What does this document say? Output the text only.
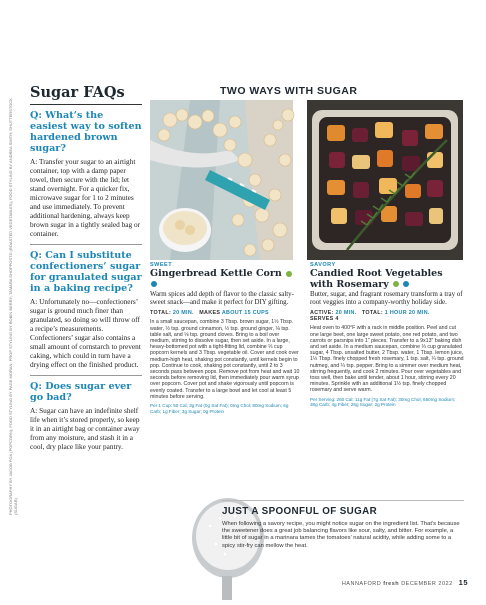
PHOTOGRAPHY BY JACOB FOX (POPCORN); FOOD STYLING BY PAGE MORAN; PROP STYLING BY ROBIN BERRY; TAMARA SHOPPOSTD (ROASTED VEGETABLES); FOOD STYLING BY ANDREA SMITH; SHUTTERSTOCK (SUGAR)
Sugar FAQs
Q: What’s the easiest way to soften hardened brown sugar?
A: Transfer your sugar to an airtight container, top with a damp paper towel, then secure with the lid; let stand overnight. For a quicker fix, microwave sugar for 1 to 2 minutes and use immediately. To prevent additional hardening, always keep brown sugar in a tightly sealed bag or container.
Q: Can I substitute confectioners’ sugar for granulated sugar in a baking recipe?
A: Unfortunately no—confectioners’ sugar is ground much finer than granulated, so doing so will throw off a recipe’s measurements. Confectioners’ sugar also contains a small amount of cornstarch to prevent caking, which could in turn have a drying effect on the finished product.
Q: Does sugar ever go bad?
A: Sugar can have an indefinite shelf life when it’s stored properly, so keep it in an airtight bag or container away from any moisture, and stash it in a cool, dry place like your pantry.
TWO WAYS WITH SUGAR
SWEET
Gingerbread Kettle Corn
Warm spices add depth of flavor to the classic salty-sweet snack—and make it perfect for DIY gifting.
TOTAL: 20 MIN. MAKES ABOUT 15 CUPS

In a small saucepan, combine 3 Tbsp. brown sugar, 1½ Tbsp. water, ½ tsp. ground cinnamon, ½ tsp. ground ginger, ⅛ tsp. table salt, and ⅛ tsp. ground cloves. Bring to a boil over medium, stirring to dissolve sugar, then set aside. In a large, heavy-bottomed pot with a tight-fitting lid, combine ⅓ cup popcorn kernels and 3 Tbsp. vegetable oil. Cover and cook over medium-high heat, shaking pot constantly, until kernels begin to pop. Continue to cook, shaking pot constantly, until 2 to 3 seconds pass between pops. Remove pot from heat and wait 10 seconds before removing lid, then immediately pour warm syrup over popcorn. Cover pot and shake vigorously until popcorn is evenly coated. Transfer to a large bowl and let cool at least 5 minutes before serving.

Per 1 Cup: 50 Cal; 3g Fat (0g Sat Fat); 0mg Chol; 80mg Sodium; 6g Carb; 1g Fiber; 3g Sugar; 0g Protein
SAVORY
Candied Root Vegetables with Rosemary
Butter, sugar, and fragrant rosemary transform a tray of root veggies into a company-worthy holiday side.
ACTIVE: 20 MIN. TOTAL: 1 HOUR 20 MIN.
SERVES 4

Heat oven to 400°F with a rack in middle position. Peel and cut one large beet, one large sweet potato, one red potato, and two carrots or parsnips into 1" pieces. Transfer to a 9x13" baking dish and set aside. In a medium saucepan, combine ⅓ cup granulated sugar, 4 Tbsp. unsalted butter, 2 Tbsp. water, 1 Tbsp. lemon juice, 1½ Tbsp. finely chopped fresh rosemary, 1 tsp. salt, ¼ tsp. ground nutmeg, and ¼ tsp. pepper. Bring to a simmer over medium heat, stirring frequently, and cook 2 minutes. Pour over vegetables and toss well, then bake until tender, about 1 hour, stirring every 20 minutes. Sprinkle with an additional 1½ tsp. finely chopped rosemary and serve warm.

Per Serving: 260 Cal; 11g Fat (7g Sat Fat); 30mg Chol; 650mg Sodium; 38g Carb; 4g Fiber; 25g Sugar; 2g Protein
JUST A SPOONFUL OF SUGAR
When following a savory recipe, you might notice sugar on the ingredient list. That’s because the sweetener does a great job balancing flavors like sour, salty, and bitter. For example, a little bit of sugar in a marinara tames the tomatoes’ natural acidity, while adding some to a spicy stir-fry can mellow the heat.
HANNAFORD fresh DECEMBER 2022 15
